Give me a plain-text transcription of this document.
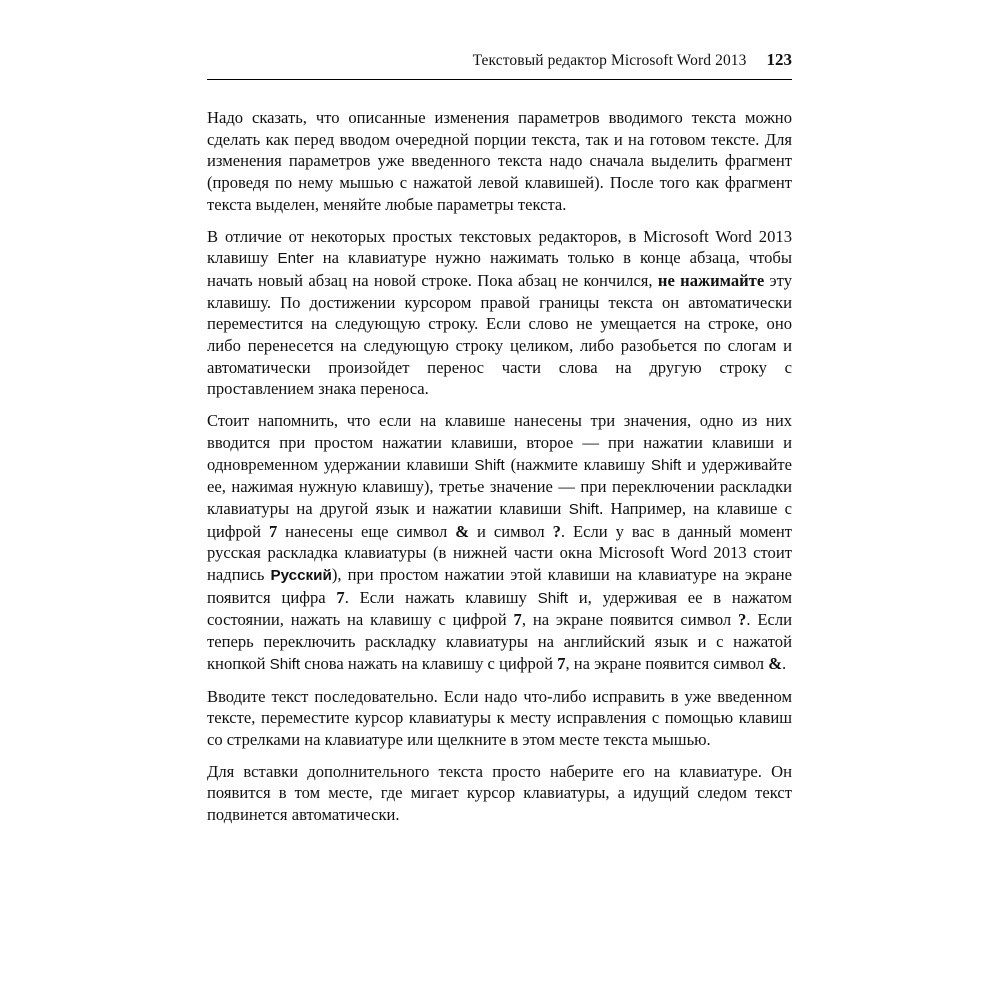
Текстовый редактор Microsoft Word 2013 123

Надо сказать, что описанные изменения параметров вводимого текста можно сделать как перед вводом очередной порции текста, так и на готовом тексте. Для изменения параметров уже введенного текста надо сначала выделить фрагмент (проведя по нему мышью с нажатой левой клавишей). После того как фрагмент текста выделен, меняйте любые параметры текста.

В отличие от некоторых простых текстовых редакторов, в Microsoft Word 2013 клавишу Enter на клавиатуре нужно нажимать только в конце абзаца, чтобы начать новый абзац на новой строке. Пока абзац не кончился, не нажимайте эту клавишу. По достижении курсором правой границы текста он автоматически переместится на следующую строку. Если слово не умещается на строке, оно либо перенесется на следующую строку целиком, либо разобьется по слогам и автоматически произойдет перенос части слова на другую строку с проставлением знака переноса.

Стоит напомнить, что если на клавише нанесены три значения, одно из них вводится при простом нажатии клавиши, второе — при нажатии клавиши и одновременном удержании клавиши Shift (нажмите клавишу Shift и удерживайте ее, нажимая нужную клавишу), третье значение — при переключении раскладки клавиатуры на другой язык и нажатии клавиши Shift. Например, на клавише с цифрой 7 нанесены еще символ & и символ ?. Если у вас в данный момент русская раскладка клавиатуры (в нижней части окна Microsoft Word 2013 стоит надпись Русский), при простом нажатии этой клавиши на клавиатуре на экране появится цифра 7. Если нажать клавишу Shift и, удерживая ее в нажатом состоянии, нажать на клавишу с цифрой 7, на экране появится символ ?. Если теперь переключить раскладку клавиатуры на английский язык и с нажатой кнопкой Shift снова нажать на клавишу с цифрой 7, на экране появится символ &.

Вводите текст последовательно. Если надо что-либо исправить в уже введенном тексте, переместите курсор клавиатуры к месту исправления с помощью клавиш со стрелками на клавиатуре или щелкните в этом месте текста мышью.

Для вставки дополнительного текста просто наберите его на клавиатуре. Он появится в том месте, где мигает курсор клавиатуры, а идущий следом текст подвинется автоматически.
